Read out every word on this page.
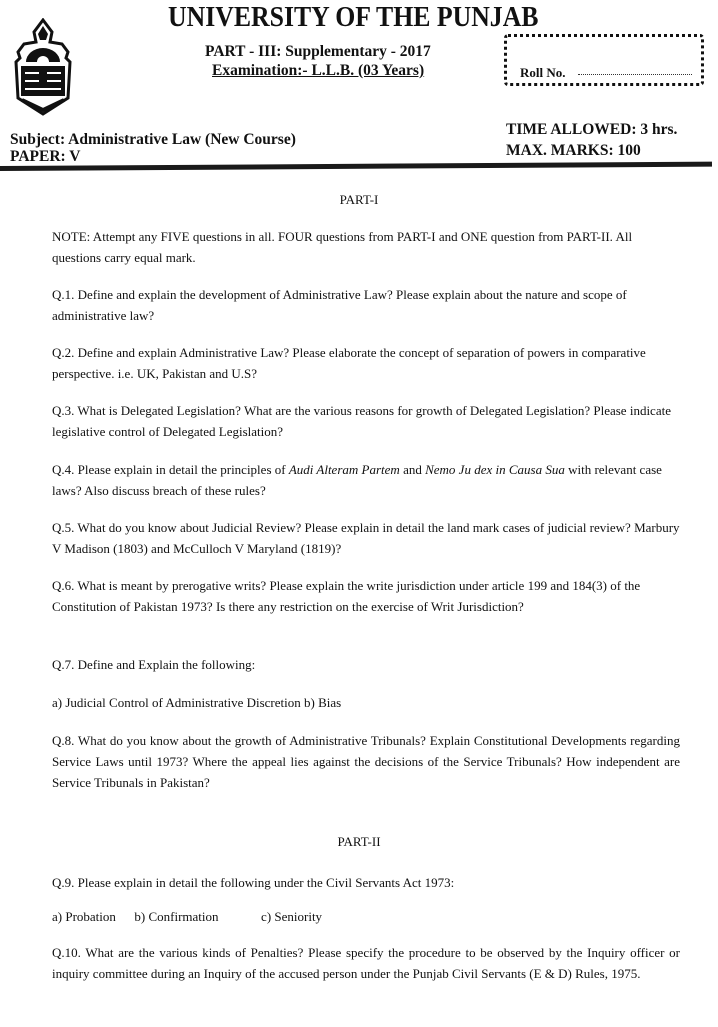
UNIVERSITY OF THE PUNJAB
PART - III: Supplementary - 2017
Examination:- L.L.B. (03 Years)	Roll No.
Subject: Administrative Law (New Course)
PAPER: V
TIME ALLOWED: 3 hrs.
MAX. MARKS: 100
PART-I
NOTE: Attempt any FIVE questions in all. FOUR questions from PART-I and ONE question from PART-II. All questions carry equal mark.
Q.1. Define and explain the development of Administrative Law? Please explain about the nature and scope of administrative law?
Q.2. Define and explain Administrative Law? Please elaborate the concept of separation of powers in comparative perspective. i.e. UK, Pakistan and U.S?
Q.3. What is Delegated Legislation? What are the various reasons for growth of Delegated Legislation? Please indicate legislative control of Delegated Legislation?
Q.4. Please explain in detail the principles of Audi Alteram Partem and Nemo Ju dex in Causa Sua with relevant case laws? Also discuss breach of these rules?
Q.5. What do you know about Judicial Review? Please explain in detail the land mark cases of judicial review? Marbury V Madison (1803) and McCulloch V Maryland (1819)?
Q.6. What is meant by prerogative writs? Please explain the write jurisdiction under article 199 and 184(3) of the Constitution of Pakistan 1973? Is there any restriction on the exercise of Writ Jurisdiction?
Q.7. Define and Explain the following:
a) Judicial Control of Administrative Discretion b) Bias
Q.8. What do you know about the growth of Administrative Tribunals? Explain Constitutional Developments regarding Service Laws until 1973? Where the appeal lies against the decisions of the Service Tribunals? How independent are Service Tribunals in Pakistan?
PART-II
Q.9. Please explain in detail the following under the Civil Servants Act 1973:
a) Probation b) Confirmation	c) Seniority
Q.10. What are the various kinds of Penalties? Please specify the procedure to be observed by the Inquiry officer or inquiry committee during an Inquiry of the accused person under the Punjab Civil Servants (E & D) Rules, 1975.
